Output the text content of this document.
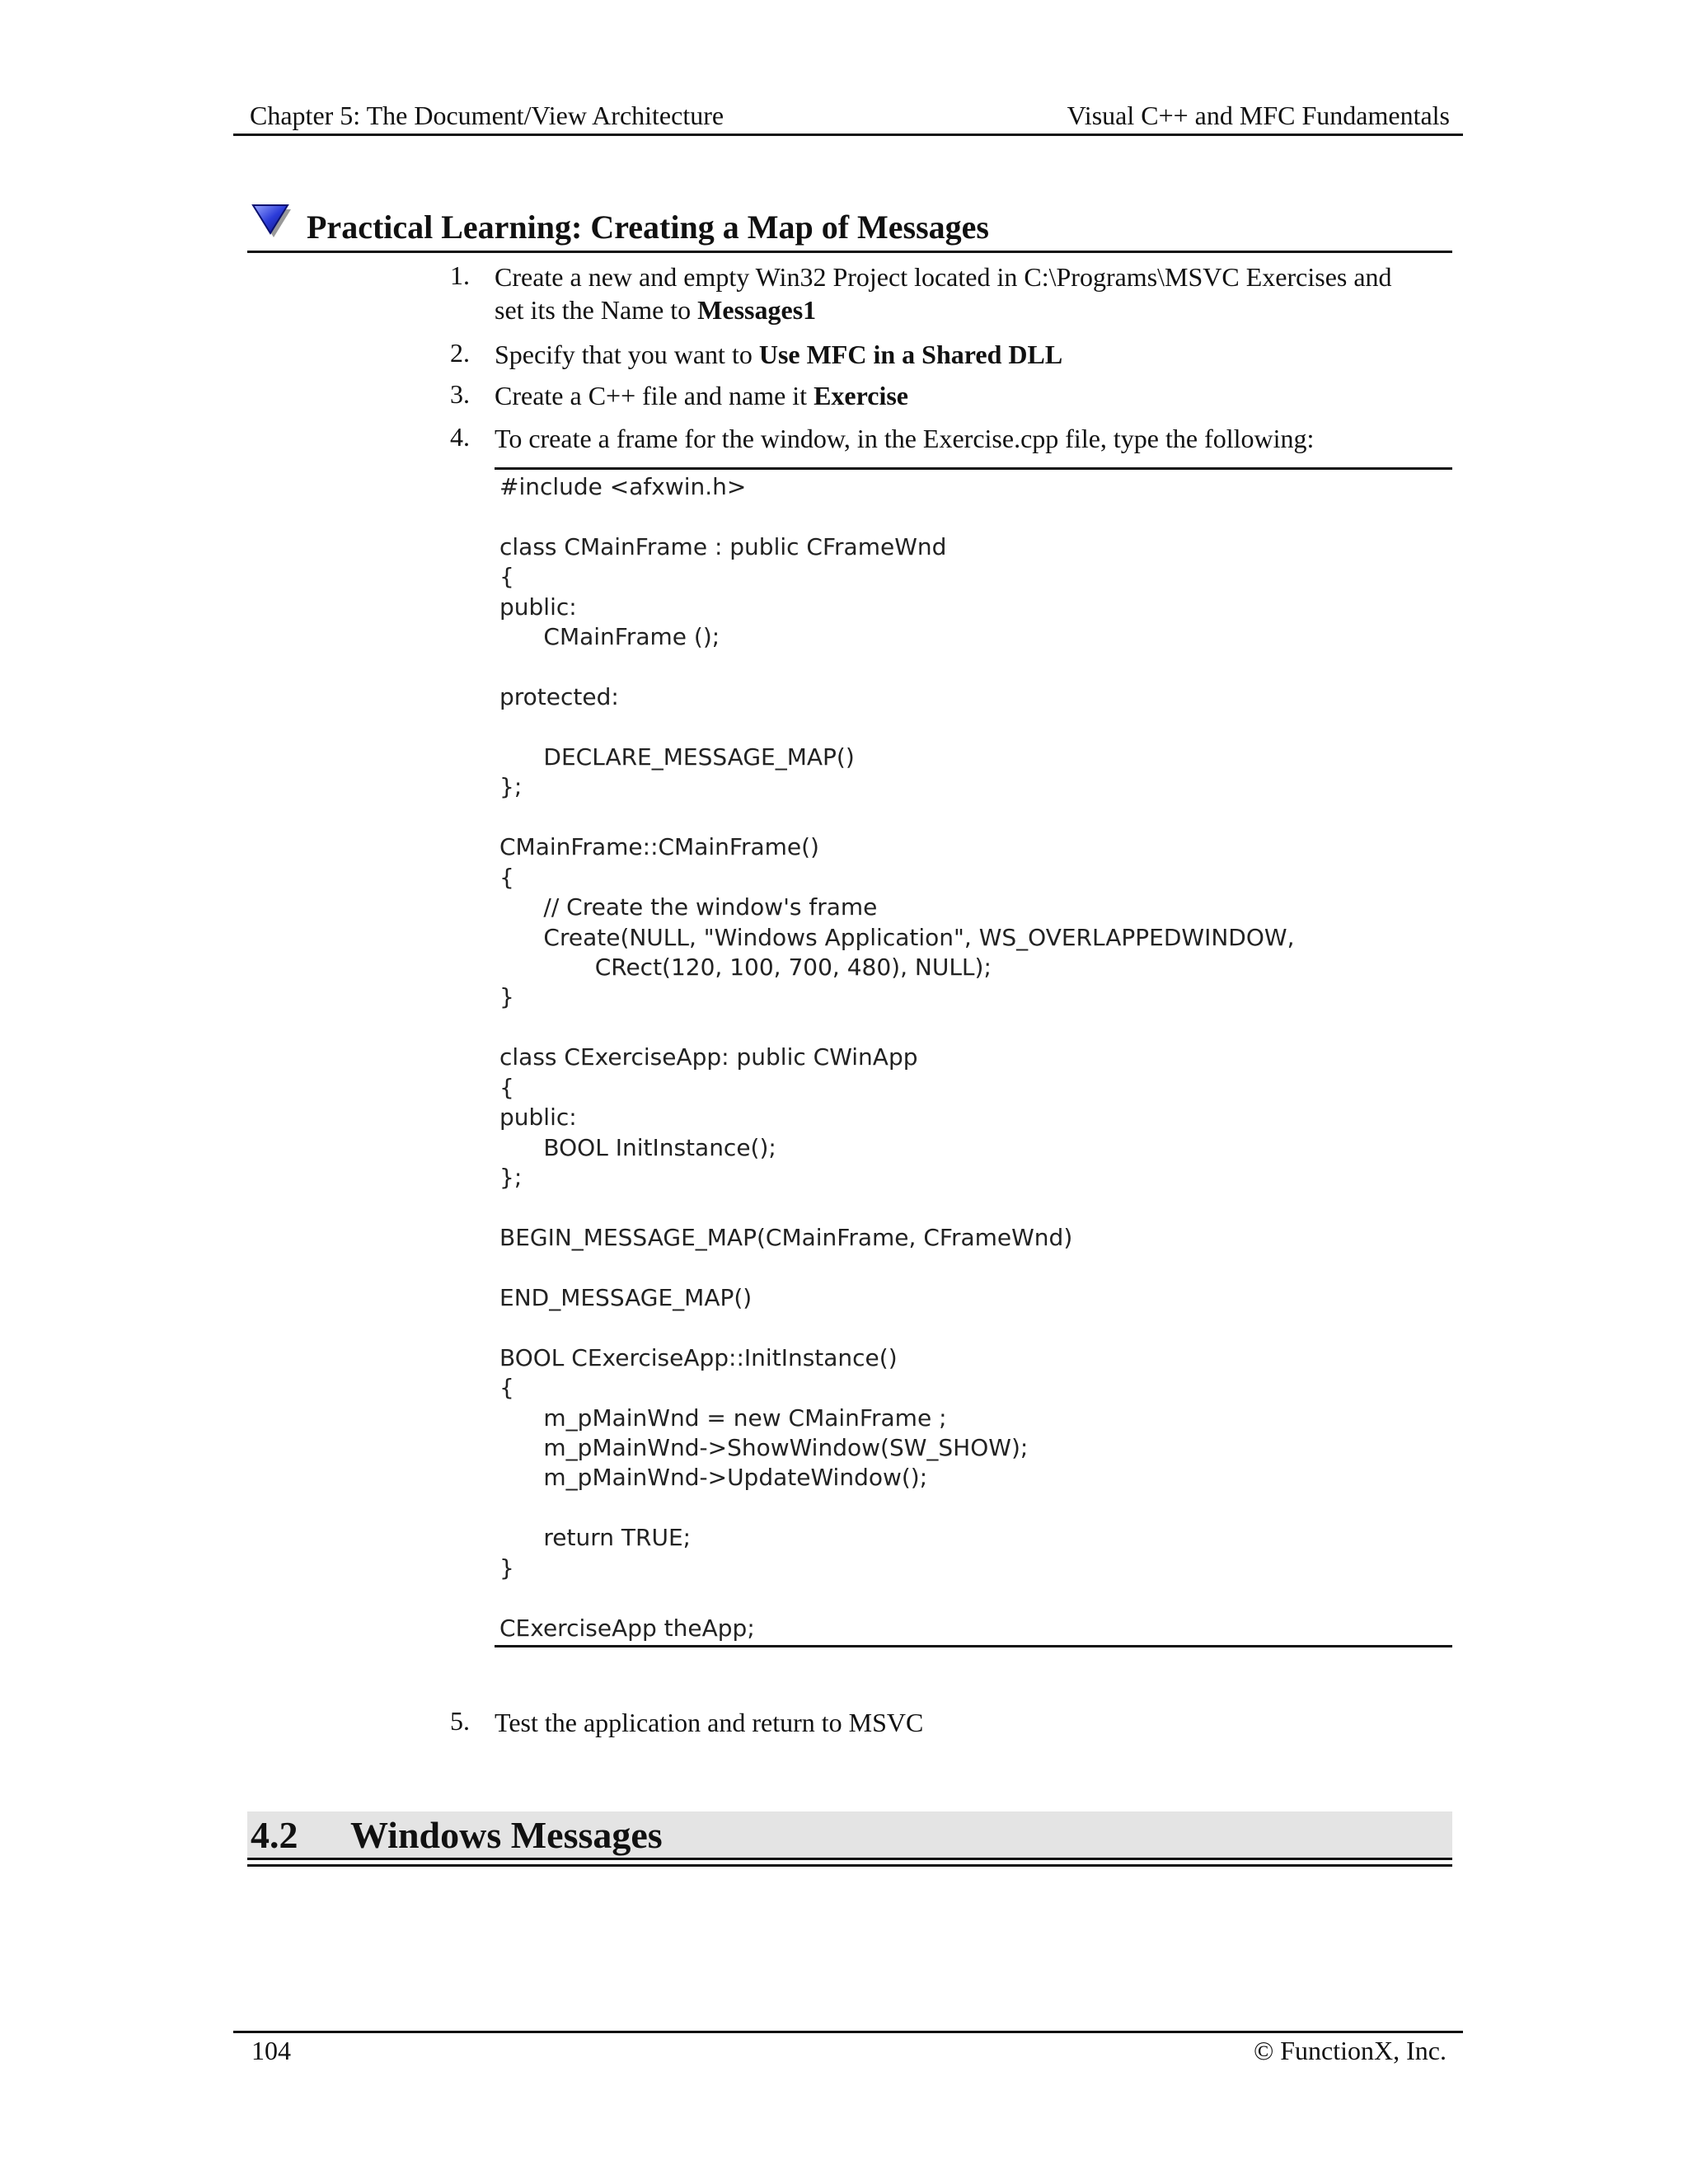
Chapter 5: The Document/View Architecture	Visual C++ and MFC Fundamentals
Practical Learning: Creating a Map of Messages
1. Create a new and empty Win32 Project located in C:\Programs\MSVC Exercises and
set its the Name to Messages1
2. Specify that you want to Use MFC in a Shared DLL
3. Create a C++ file and name it Exercise
4. To create a frame for the window, in the Exercise.cpp file, type the following:
#include <afxwin.h>
class CMainFrame : public CFrameWnd
{
public:
CMainFrame ();
protected:
DECLARE_MESSAGE_MAP()
};
CMainFrame::CMainFrame()
{
// Create the window's frame
Create(NULL, "Windows Application", WS_OVERLAPPEDWINDOW,
CRect(120, 100, 700, 480), NULL);
}
class CExerciseApp: public CWinApp
{
public:
BOOL InitInstance();
};
BEGIN_MESSAGE_MAP(CMainFrame, CFrameWnd)
END_MESSAGE_MAP()
BOOL CExerciseApp::InitInstance()
{
m_pMainWnd = new CMainFrame ;
m_pMainWnd->ShowWindow(SW_SHOW);
m_pMainWnd->UpdateWindow();
return TRUE;
}
CExerciseApp theApp;
5. Test the application and return to MSVC
4.2 Windows Messages
104	© FunctionX, Inc.
